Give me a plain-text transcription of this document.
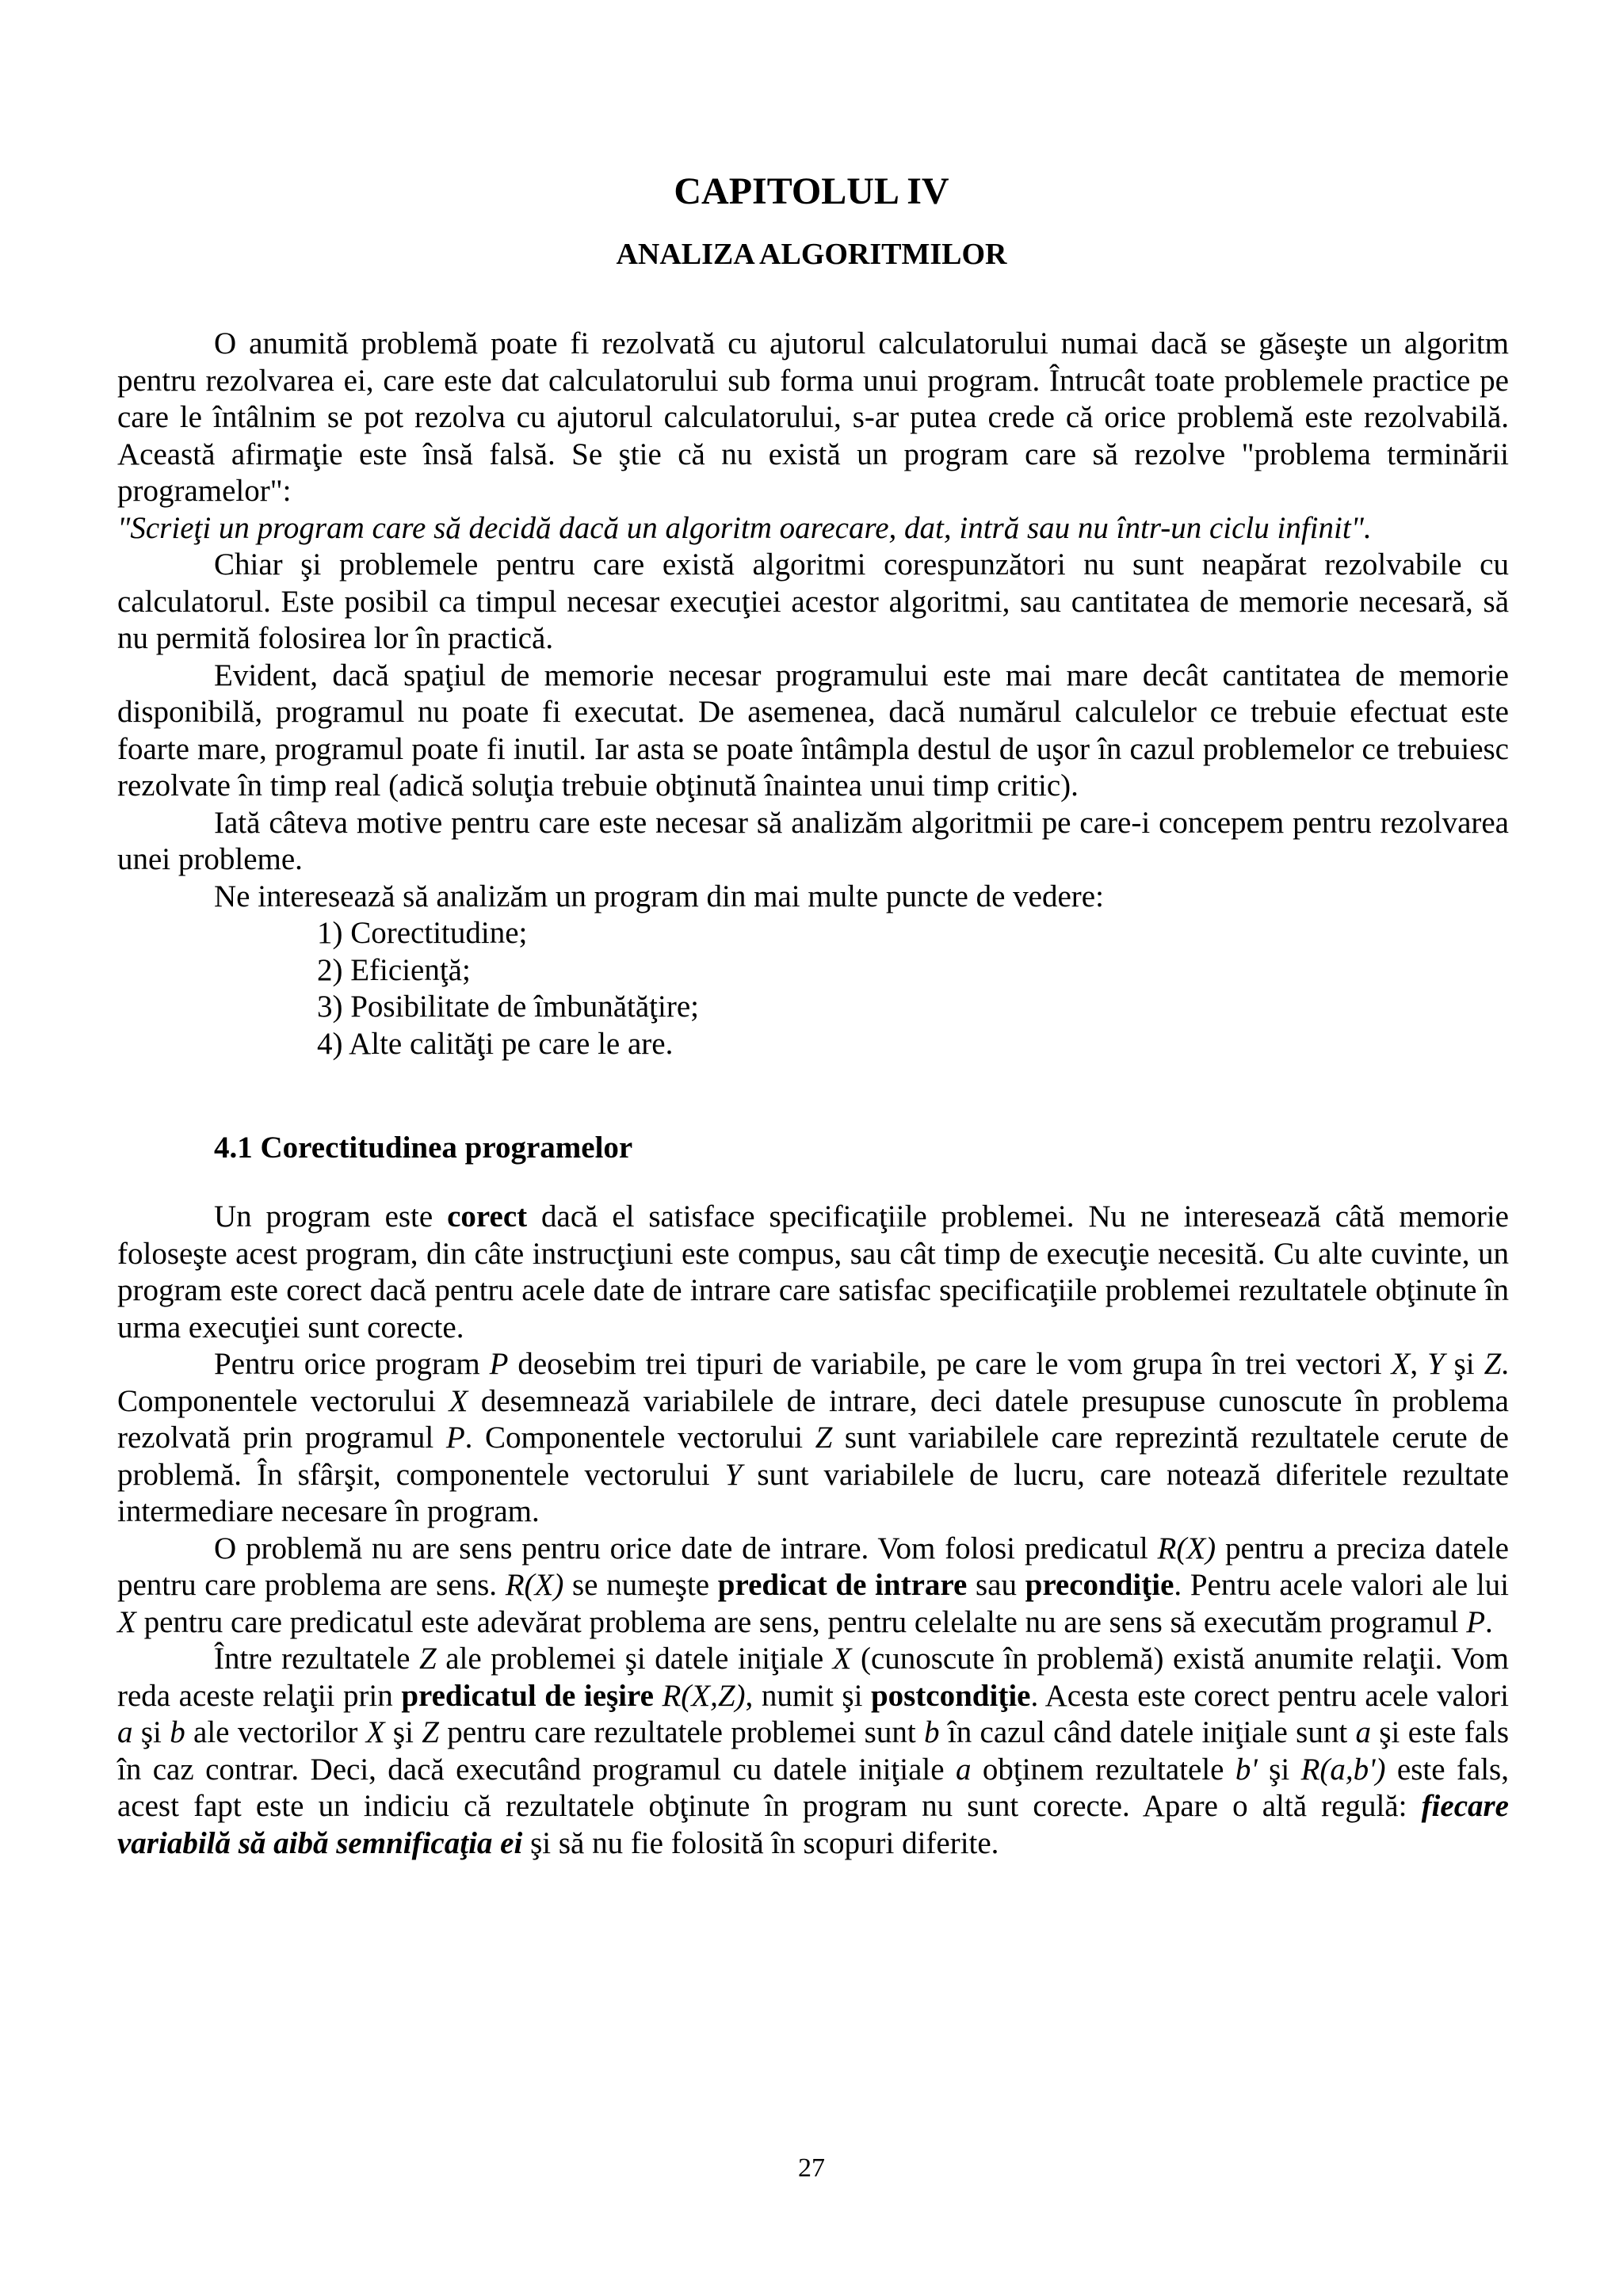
CAPITOLUL IV
ANALIZA ALGORITMILOR

O anumită problemă poate fi rezolvată cu ajutorul calculatorului numai dacă se găseşte un algoritm pentru rezolvarea ei, care este dat calculatorului sub forma unui program. Întrucât toate problemele practice pe care le întâlnim se pot rezolva cu ajutorul calculatorului, s-ar putea crede că orice problemă este rezolvabilă. Această afirmaţie este însă falsă. Se ştie că nu există un program care să rezolve "problema terminării programelor":

"Scrieţi un program care să decidă dacă un algoritm oarecare, dat, intră sau nu într-un ciclu infinit".

Chiar şi problemele pentru care există algoritmi corespunzători nu sunt neapărat rezolvabile cu calculatorul. Este posibil ca timpul necesar execuţiei acestor algoritmi, sau cantitatea de memorie necesară, să nu permită folosirea lor în practică.

Evident, dacă spaţiul de memorie necesar programului este mai mare decât cantitatea de memorie disponibilă, programul nu poate fi executat. De asemenea, dacă numărul calculelor ce trebuie efectuat este foarte mare, programul poate fi inutil. Iar asta se poate întâmpla destul de uşor în cazul problemelor ce trebuiesc rezolvate în timp real (adică soluţia trebuie obţinută înaintea unui timp critic).

Iată câteva motive pentru care este necesar să analizăm algoritmii pe care-i concepem pentru rezolvarea unei probleme.

Ne interesează să analizăm un program din mai multe puncte de vedere:

1) Corectitudine;
2) Eficienţă;
3) Posibilitate de îmbunătăţire;
4) Alte calităţi pe care le are.
4.1 Corectitudinea programelor

Un program este corect dacă el satisface specificaţiile problemei. Nu ne interesează câtă memorie foloseşte acest program, din câte instrucţiuni este compus, sau cât timp de execuţie necesită. Cu alte cuvinte, un program este corect dacă pentru acele date de intrare care satisfac specificaţiile problemei rezultatele obţinute în urma execuţiei sunt corecte.

Pentru orice program P deosebim trei tipuri de variabile, pe care le vom grupa în trei vectori X, Y şi Z. Componentele vectorului X desemnează variabilele de intrare, deci datele presupuse cunoscute în problema rezolvată prin programul P. Componentele vectorului Z sunt variabilele care reprezintă rezultatele cerute de problemă. În sfârşit, componentele vectorului Y sunt variabilele de lucru, care notează diferitele rezultate intermediare necesare în program.

O problemă nu are sens pentru orice date de intrare. Vom folosi predicatul R(X) pentru a preciza datele pentru care problema are sens. R(X) se numeşte predicat de intrare sau precondiţie. Pentru acele valori ale lui X pentru care predicatul este adevărat problema are sens, pentru celelalte nu are sens să executăm programul P.

Între rezultatele Z ale problemei şi datele iniţiale X (cunoscute în problemă) există anumite relaţii. Vom reda aceste relaţii prin predicatul de ieşire R(X,Z), numit şi postcondiţie. Acesta este corect pentru acele valori a şi b ale vectorilor X şi Z pentru care rezultatele problemei sunt b în cazul când datele iniţiale sunt a şi este fals în caz contrar. Deci, dacă executând programul cu datele iniţiale a obţinem rezultatele b' şi R(a,b') este fals, acest fapt este un indiciu că rezultatele obţinute în program nu sunt corecte. Apare o altă regulă: fiecare variabilă să aibă semnificaţia ei şi să nu fie folosită în scopuri diferite.

27
